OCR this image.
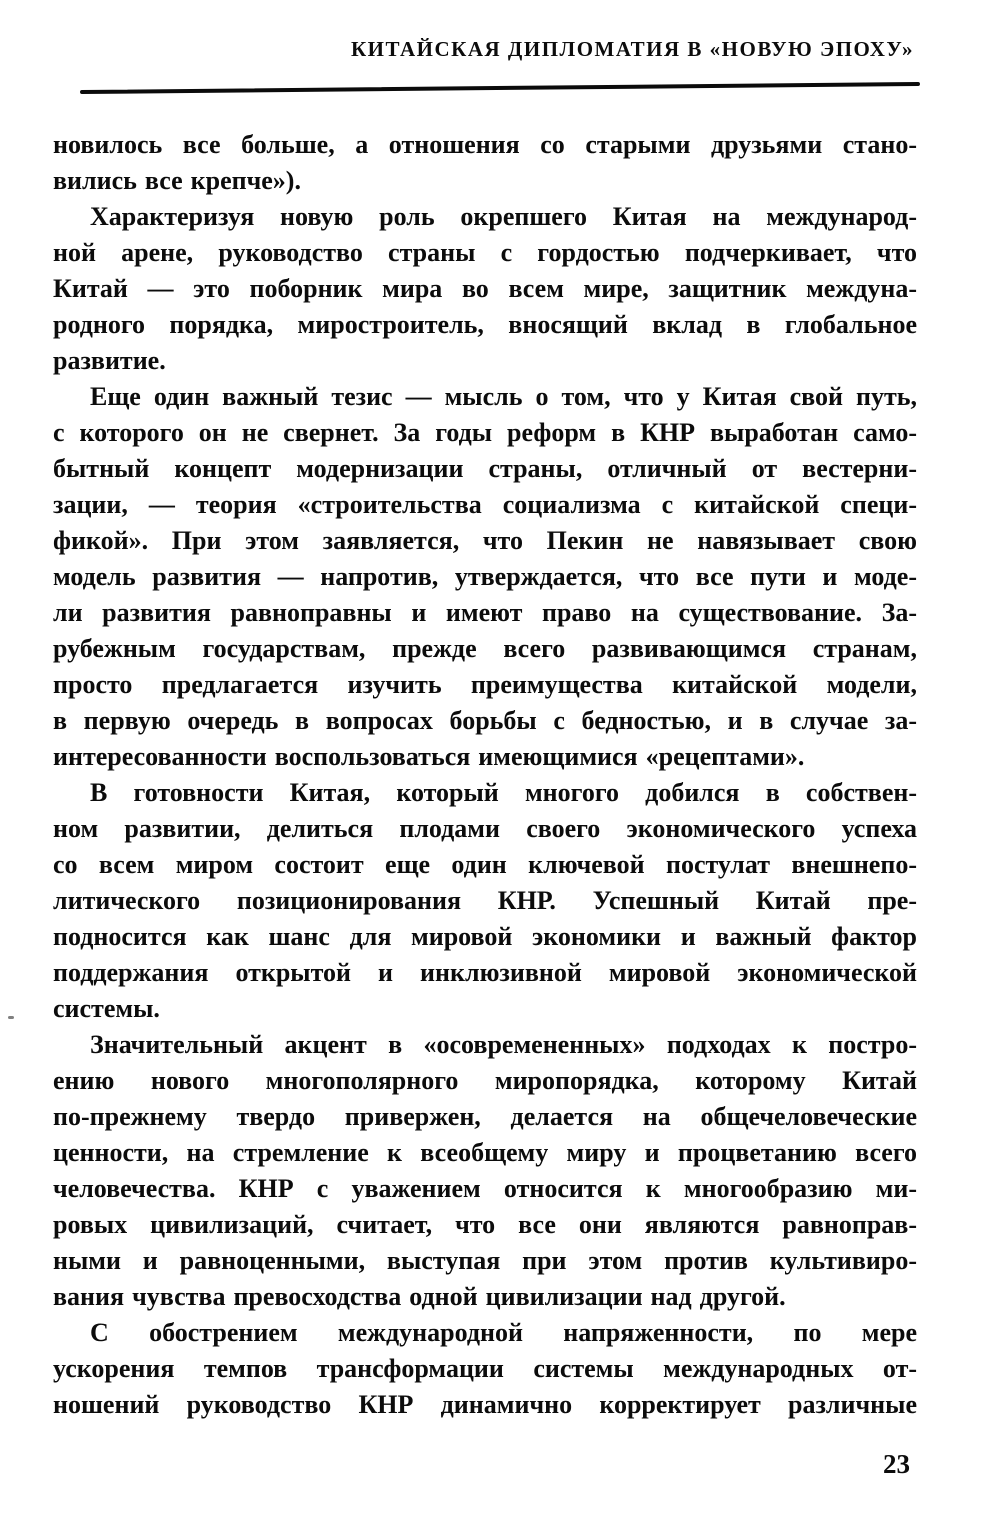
КИТАЙСКАЯ ДИПЛОМАТИЯ В «НОВУЮ ЭПОХУ»

новилось все больше, а отношения со старыми друзьями стано-
вились все крепче»).

Характеризуя новую роль окрепшего Китая на международ-
ной арене, руководство страны с гордостью подчеркивает, что
Китай — это поборник мира во всем мире, защитник междуна-
родного порядка, миростроитель, вносящий вклад в глобальное
развитие.

Еще один важный тезис — мысль о том, что у Китая свой путь,
с которого он не свернет. За годы реформ в КНР выработан само-
бытный концепт модернизации страны, отличный от вестерни-
зации, — теория «строительства социализма с китайской специ-
фикой». При этом заявляется, что Пекин не навязывает свою
модель развития — напротив, утверждается, что все пути и моде-
ли развития равноправны и имеют право на существование. За-
рубежным государствам, прежде всего развивающимся странам,
просто предлагается изучить преимущества китайской модели,
в первую очередь в вопросах борьбы с бедностью, и в случае за-
интересованности воспользоваться имеющимися «рецептами».

В готовности Китая, который многого добился в собствен-
ном развитии, делиться плодами своего экономического успеха
со всем миром состоит еще один ключевой постулат внешнепо-
литического позиционирования КНР. Успешный Китай пре-
подносится как шанс для мировой экономики и важный фактор
поддержания открытой и инклюзивной мировой экономической
системы.

Значительный акцент в «осовремененных» подходах к постро-
ению нового многополярного миропорядка, которому Китай
по-прежнему твердо привержен, делается на общечеловеческие
ценности, на стремление к всеобщему миру и процветанию всего
человечества. КНР с уважением относится к многообразию ми-
ровых цивилизаций, считает, что все они являются равноправ-
ными и равноценными, выступая при этом против культивиро-
вания чувства превосходства одной цивилизации над другой.

С обострением международной напряженности, по мере
ускорения темпов трансформации системы международных от-
ношений руководство КНР динамично корректирует различные

23
